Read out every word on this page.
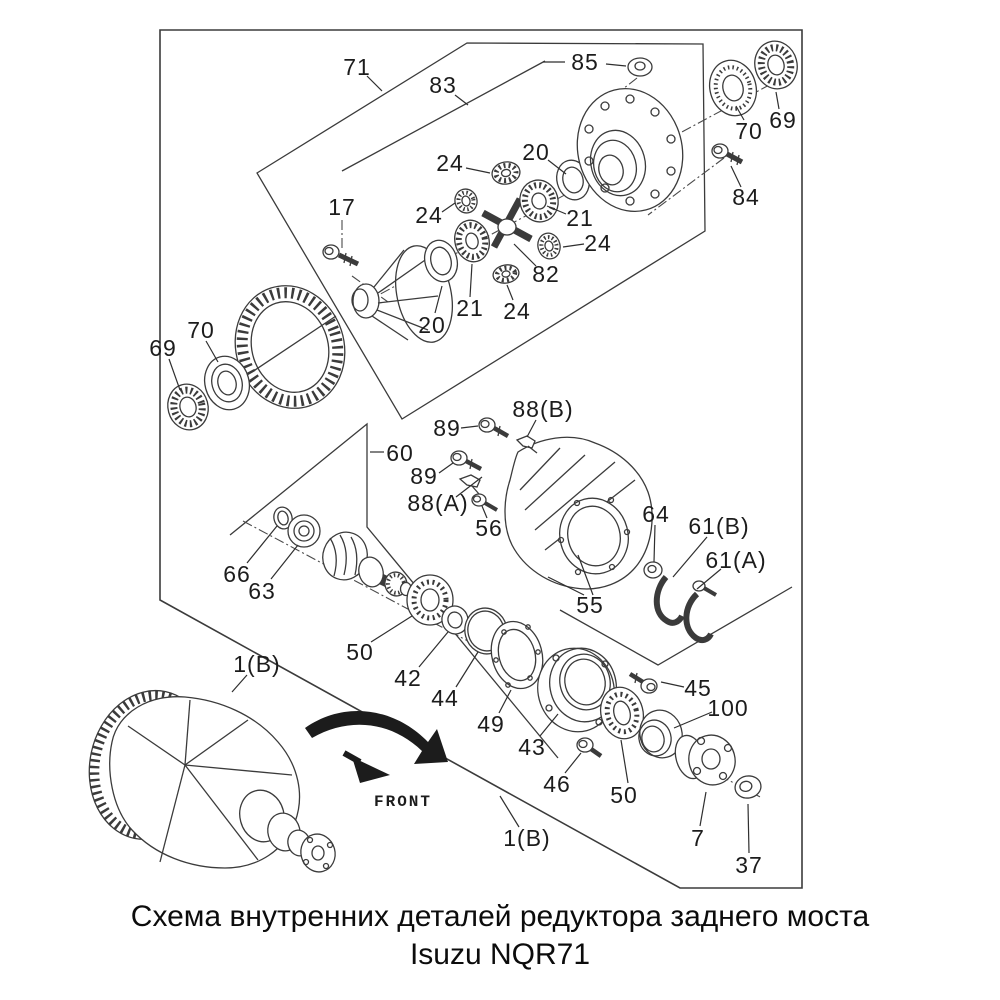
71
83
85
24	20
24	21
24
82
21
20
24
17
70 69
84
69
70
60
89
88(B)
89
88(A)
56
55
64 61(B)
61(A)
66
63
50
42
44
49
43
46 50
45
100
7
37
1(B)
1(B)
FRONT
Схема внутренних деталей редуктора заднего моста
Isuzu NQR71
